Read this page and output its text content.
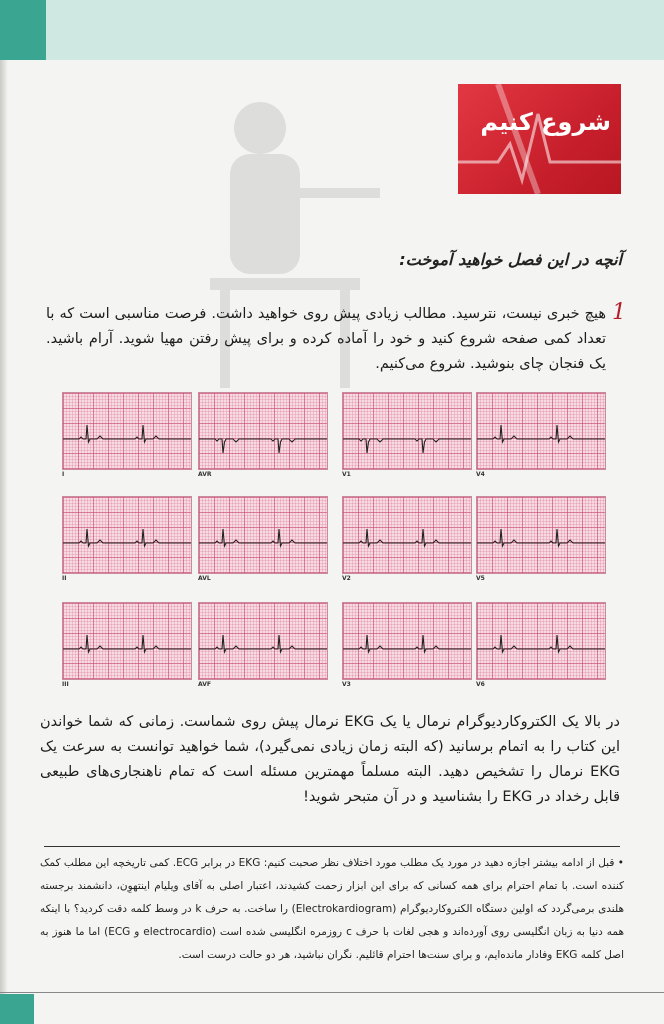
شروع کنیم
آنچه در این فصل خواهید آموخت:
1
هیچ خبری نیست، نترسید. مطالب زیادی پیش روی خواهید داشت. فرصت مناسبی است که با تعداد کمی صفحه شروع کنید و خود را آماده کرده و برای پیش رفتن مهیا شوید. آرام باشید. یک فنجان چای بنوشید. شروع می‌کنیم.
I	AVR	V1	V4
II	AVL	V2	V5
III	AVF	V3	V6
در بالا یک الکتروکاردیوگرام نرمال یا یک EKG نرمال پیش روی شماست. زمانی که شما خواندن این کتاب را به اتمام برسانید (که البته زمان زیادی نمی‌گیرد)، شما خواهید توانست به سرعت یک EKG نرمال را تشخیص دهید. البته مسلماً مهمترین مسئله است که تمام ناهنجاری‌های طبیعی قابل رخداد در EKG را بشناسید و در آن متبحر شوید!
• قبل از ادامه بیشتر اجازه دهید در مورد یک مطلب مورد اختلاف نظر صحبت کنیم: EKG در برابر ECG. کمی تاریخچه این مطلب کمک کننده است. با تمام احترام برای همه کسانی که برای این ابزار زحمت کشیدند، اعتبار اصلی به آقای ویلیام اینتهوِن، دانشمند برجسته هلندی برمی‌گردد که اولین دستگاه الکتروکاردیوگرام (Electrokardiogram) را ساخت. به حرف k در وسط کلمه دقت کردید؟ با اینکه همه دنیا به زبان انگلیسی روی آورده‌اند و هجی لغات با حرف c روزمره انگلیسی شده است (electrocardio و ECG) اما ما هنوز به اصل کلمه EKG وفادار مانده‌ایم، و برای سنت‌ها احترام قائلیم. نگران نباشید، هر دو حالت درست است.
